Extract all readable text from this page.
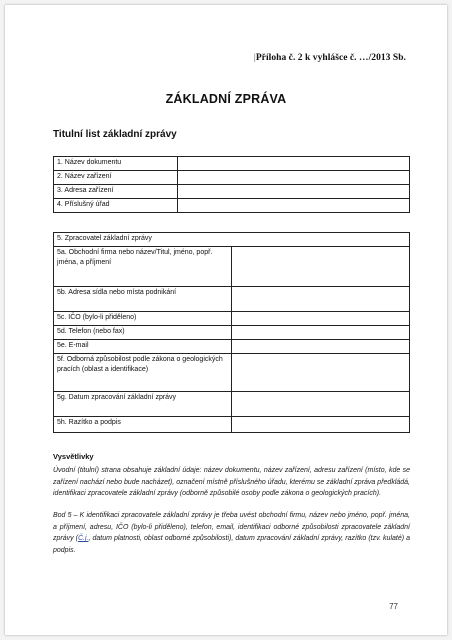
|Příloha č. 2 k vyhlášce č. …/2013 Sb.
ZÁKLADNÍ ZPRÁVA
Titulní list základní zprávy
1. Název dokumentu	
2. Název zařízení	
3. Adresa zařízení	
4. Příslušný úřad	
5. Zpracovatel základní zprávy	
5a. Obchodní firma nebo název/Titul, jméno, popř. jména, a příjmení	
5b. Adresa sídla nebo místa podnikání	
5c. IČO (bylo-li přiděleno)	
5d. Telefon (nebo fax)	
5e. E-mail	
5f. Odborná způsobilost podle zákona o geologických pracích (oblast a identifikace)	
5g. Datum zpracování základní zprávy	
5h. Razítko a podpis	
Vysvětlivky
Úvodní (titulní) strana obsahuje základní údaje: název dokumentu, název zařízení, adresu zařízení (místo, kde se zařízení nachází nebo bude nacházet), označení místně příslušného úřadu, kterému se základní zpráva předkládá, identifikaci zpracovatele základní zprávy (odborně způsobilé osoby podle zákona o geologických pracích).
Bod 5 – K identifikaci zpracovatele základní zprávy je třeba uvést obchodní firmu, název nebo jméno, popř. jména, a příjmení, adresu, IČO (bylo-li přiděleno), telefon, email, identifikaci odborné způsobilosti zpracovatele základní zprávy (Č.j., datum platnosti, oblast odborné způsobilosti), datum zpracování základní zprávy, razítko (tzv. kulaté) a podpis.
77
